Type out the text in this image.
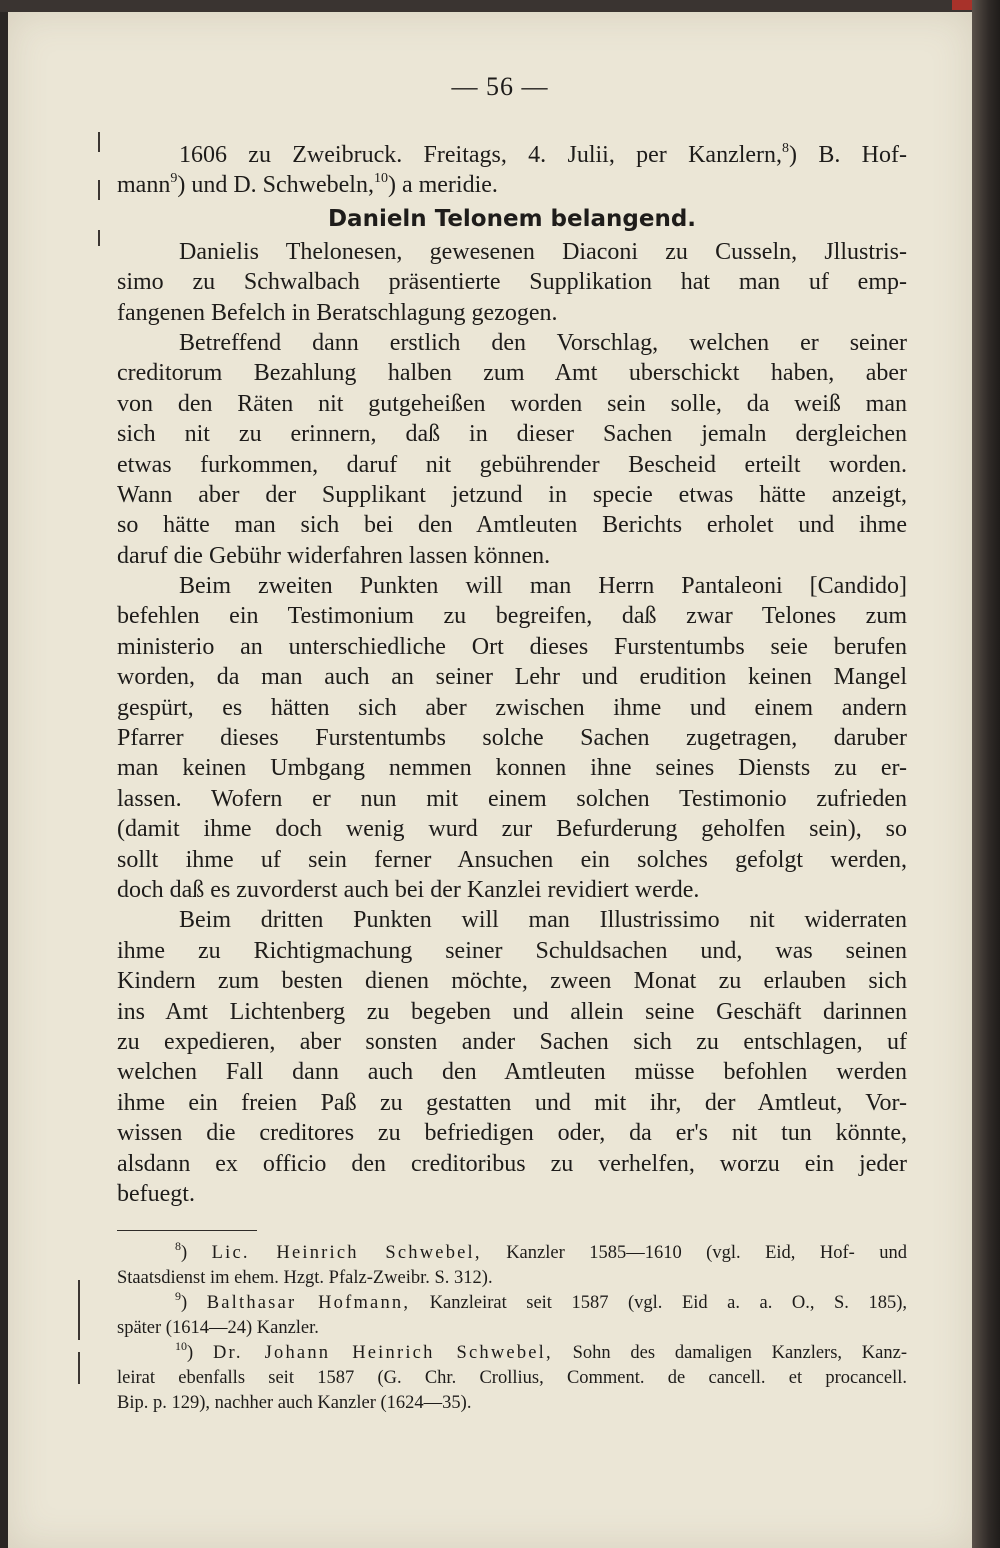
— 56 —
1606 zu Zweibruck. Freitags, 4. Julii, per Kanzlern,$^8$) B. Hof-
mann$^9$) und D. Schwebeln,$^{10}$) a meridie.
Danieln Telonem belangend.
Danielis Thelonesen, gewesenen Diaconi zu Cusseln, Jllustris-
simo zu Schwalbach präsentierte Supplikation hat man uf emp-
fangenen Befelch in Beratschlagung gezogen.
Betreffend dann erstlich den Vorschlag, welchen er seiner
creditorum Bezahlung halben zum Amt uberschickt haben, aber
von den Räten nit gutgeheißen worden sein solle, da weiß man
sich nit zu erinnern, daß in dieser Sachen jemaln dergleichen
etwas furkommen, daruf nit gebührender Bescheid erteilt worden.
Wann aber der Supplikant jetzund in specie etwas hätte anzeigt,
so hätte man sich bei den Amtleuten Berichts erholet und ihme
daruf die Gebühr widerfahren lassen können.
Beim zweiten Punkten will man Herrn Pantaleoni [Candido]
befehlen ein Testimonium zu begreifen, daß zwar Telones zum
ministerio an unterschiedliche Ort dieses Furstentumbs seie berufen
worden, da man auch an seiner Lehr und erudition keinen Mangel
gespürt, es hätten sich aber zwischen ihme und einem andern
Pfarrer dieses Furstentumbs solche Sachen zugetragen, daruber
man keinen Umbgang nemmen konnen ihne seines Diensts zu er-
lassen. Wofern er nun mit einem solchen Testimonio zufrieden
(damit ihme doch wenig wurd zur Befurderung geholfen sein), so
sollt ihme uf sein ferner Ansuchen ein solches gefolgt werden,
doch daß es zuvorderst auch bei der Kanzlei revidiert werde.
Beim dritten Punkten will man Illustrissimo nit widerraten
ihme zu Richtigmachung seiner Schuldsachen und, was seinen
Kindern zum besten dienen möchte, zween Monat zu erlauben sich
ins Amt Lichtenberg zu begeben und allein seine Geschäft darinnen
zu expedieren, aber sonsten ander Sachen sich zu entschlagen, uf
welchen Fall dann auch den Amtleuten müsse befohlen werden
ihme ein freien Paß zu gestatten und mit ihr, der Amtleut, Vor-
wissen die creditores zu befriedigen oder, da er's nit tun könnte,
alsdann ex officio den creditoribus zu verhelfen, worzu ein jeder
befuegt.
$^8$) Lic. Heinrich Schwebel, Kanzler 1585—1610 (vgl. Eid, Hof- und
Staatsdienst im ehem. Hzgt. Pfalz-Zweibr. S. 312).
$^9$) Balthasar Hofmann, Kanzleirat seit 1587 (vgl. Eid a. a. O., S. 185),
später (1614—24) Kanzler.
$^{10}$) Dr. Johann Heinrich Schwebel, Sohn des damaligen Kanzlers, Kanz-
leirat ebenfalls seit 1587 (G. Chr. Crollius, Comment. de cancell. et procancell.
Bip. p. 129), nachher auch Kanzler (1624—35).
